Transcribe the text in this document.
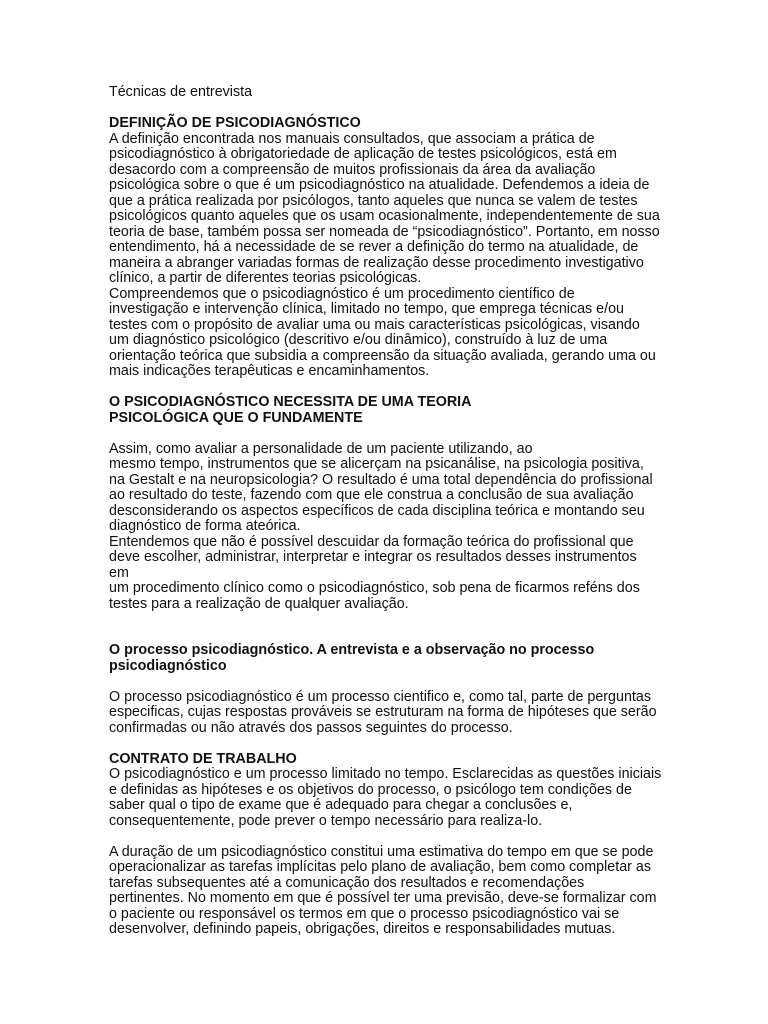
Técnicas de entrevista
DEFINIÇÃO DE PSICODIAGNÓSTICO
A definição encontrada nos manuais consultados, que associam a prática de
psicodiagnóstico à obrigatoriedade de aplicação de testes psicológicos, está em
desacordo com a compreensão de muitos profissionais da área da avaliação
psicológica sobre o que é um psicodiagnóstico na atualidade. Defendemos a ideia de
que a prática realizada por psicólogos, tanto aqueles que nunca se valem de testes
psicológicos quanto aqueles que os usam ocasionalmente, independentemente de sua
teoria de base, também possa ser nomeada de “psicodiagnóstico”. Portanto, em nosso
entendimento, há a necessidade de se rever a definição do termo na atualidade, de
maneira a abranger variadas formas de realização desse procedimento investigativo
clínico, a partir de diferentes teorias psicológicas.
Compreendemos que o psicodiagnóstico é um procedimento científico de
investigação e intervenção clínica, limitado no tempo, que emprega técnicas e/ou
testes com o propósito de avaliar uma ou mais características psicológicas, visando
um diagnóstico psicológico (descritivo e/ou dinâmico), construído à luz de uma
orientação teórica que subsidia a compreensão da situação avaliada, gerando uma ou
mais indicações terapêuticas e encaminhamentos.
O PSICODIAGNÓSTICO NECESSITA DE UMA TEORIA
PSICOLÓGICA QUE O FUNDAMENTE
Assim, como avaliar a personalidade de um paciente utilizando, ao
mesmo tempo, instrumentos que se alicerçam na psicanálise, na psicologia positiva,
na Gestalt e na neuropsicologia? O resultado é uma total dependência do profissional
ao resultado do teste, fazendo com que ele construa a conclusão de sua avaliação
desconsiderando os aspectos específicos de cada disciplina teórica e montando seu
diagnóstico de forma ateórica.
Entendemos que não é possível descuidar da formação teórica do profissional que
deve escolher, administrar, interpretar e integrar os resultados desses instrumentos
em
um procedimento clínico como o psicodiagnóstico, sob pena de ficarmos reféns dos
testes para a realização de qualquer avaliação.
O processo psicodiagnóstico. A entrevista e a observação no processo
psicodiagnóstico
O processo psicodiagnóstico é um processo cientifico e, como tal, parte de perguntas
especificas, cujas respostas prováveis se estruturam na forma de hipóteses que serão
confirmadas ou não através dos passos seguintes do processo.
CONTRATO DE TRABALHO
O psicodiagnóstico e um processo limitado no tempo. Esclarecidas as questões iniciais
e definidas as hipóteses e os objetivos do processo, o psicólogo tem condições de
saber qual o tipo de exame que é adequado para chegar a conclusões e,
consequentemente, pode prever o tempo necessário para realiza-lo.
A duração de um psicodiagnóstico constitui uma estimativa do tempo em que se pode
operacionalizar as tarefas implícitas pelo plano de avaliação, bem como completar as
tarefas subsequentes até a comunicação dos resultados e recomendações
pertinentes. No momento em que é possível ter uma previsão, deve-se formalizar com
o paciente ou responsável os termos em que o processo psicodiagnóstico vai se
desenvolver, definindo papeis, obrigações, direitos e responsabilidades mutuas.
